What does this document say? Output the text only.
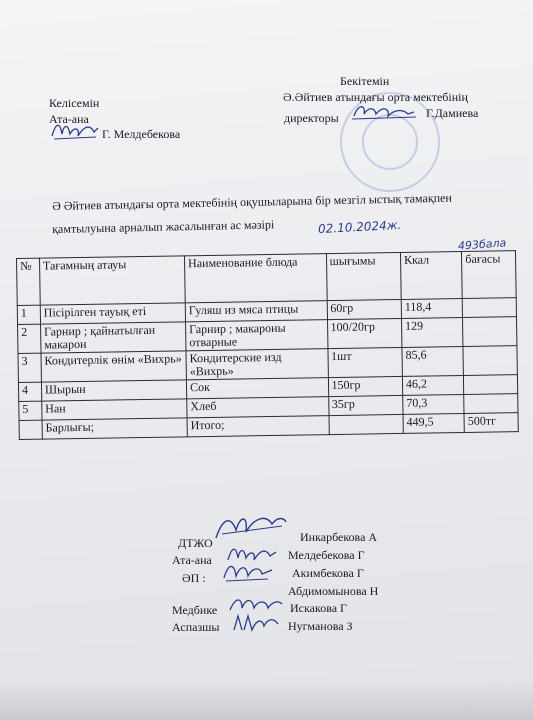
Келісемін
Ата-ана
Г. Мелдебекова
Бекітемін
Ә.Әйтиев атындағы орта мектебінің
директоры	Г.Дамиева
Ә Әйтиев атындағы орта мектебінің оқушыларына бір мезгіл ыстық тамақпен
қамтылуына арналып жасалынған ас мәзірі	02.10.2024ж.
493бала
№	Тағамның атауы	Наименование блюда	шығымы	Ккал	бағасы
1	Пісірілген тауық еті	Гуляш из мяса птицы	60гр	118,4	
2	Гарнир ; қайнатылған макарон	Гарнир ; макароны отварные	100/20гр	129	
3	Кондитерлік өнім «Вихрь»	Кондитерские изд «Вихрь»	1шт	85,6	
4	Шырын	Сок	150гр	46,2	
5	Нан	Хлеб	35гр	70,3	
	Барлығы;	Итого;		449,5	500тг
ДТЖО	Инкарбекова А
Ата-ана	Мелдебекова Г
ӘП :	Акимбекова Г
Абдимомынова Н
Медбике	Искакова Г
Аспазшы	Нугманова З
